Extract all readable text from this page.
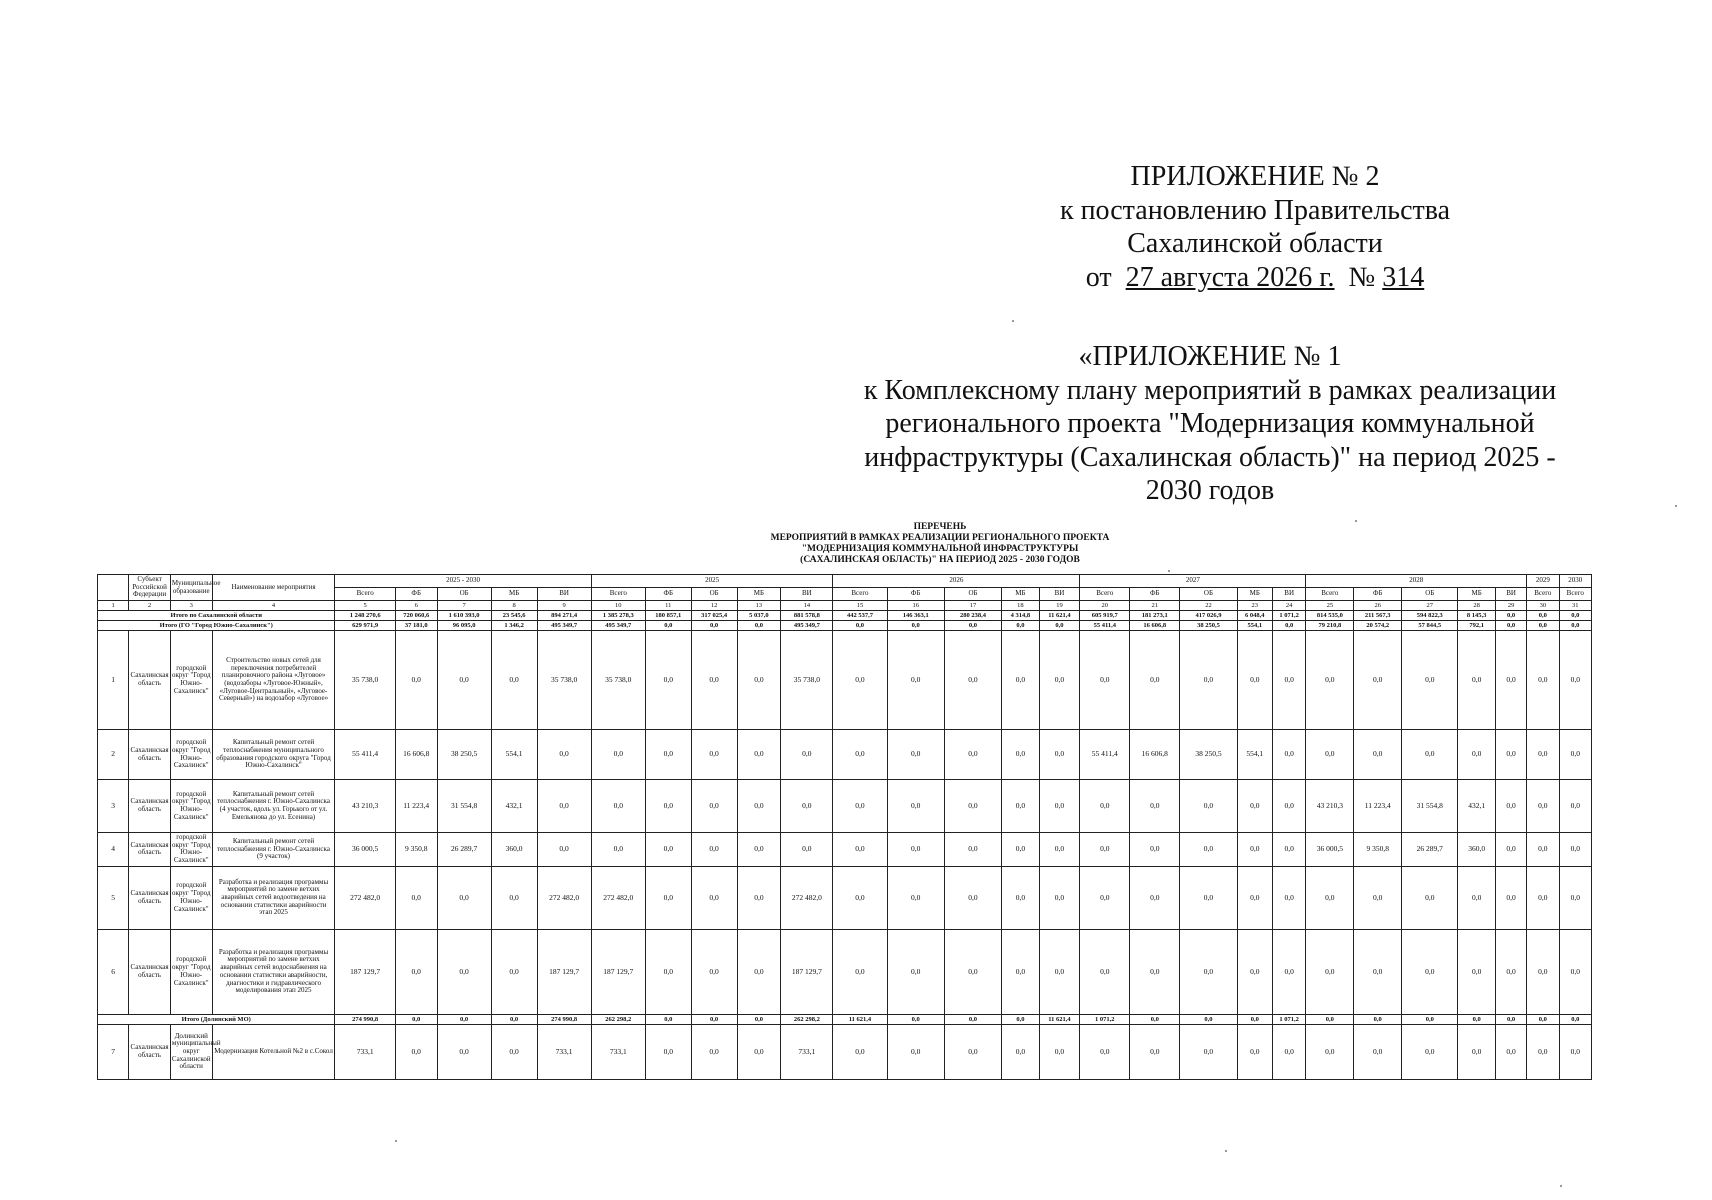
ПРИЛОЖЕНИЕ № 2
к постановлению Правительства
Сахалинской области
от 27 августа 2026 г. № 314
«ПРИЛОЖЕНИЕ № 1
к Комплексному плану мероприятий в рамках реализации
регионального проекта "Модернизация коммунальной
инфраструктуры (Сахалинская область)" на период 2025 -
2030 годов
ПЕРЕЧЕНЬ
МЕРОПРИЯТИЙ В РАМКАХ РЕАЛИЗАЦИИ РЕГИОНАЛЬНОГО ПРОЕКТА
"МОДЕРНИЗАЦИЯ КОММУНАЛЬНОЙ ИНФРАСТРУКТУРЫ
(САХАЛИНСКАЯ ОБЛАСТЬ)" НА ПЕРИОД 2025 - 2030 ГОДОВ
	Субъект Российской Федерации	Муниципальное образование	Наименование мероприятия	2025 - 2030					2025					2026					2027					2028					2029	2030
				Всего	ФБ	ОБ	МБ	ВИ	Всего	ФБ	ОБ	МБ	ВИ	Всего	ФБ	ОБ	МБ	ВИ	Всего	ФБ	ОБ	МБ	ВИ	Всего	ФБ	ОБ	МБ	ВИ	Всего	Всего
1	2	3	4	5	6	7	8	9	10	11	12	13	14	15	16	17	18	19	20	21	22	23	24	25	26	27	28	29	30	31
Итого по Сахалинской области				1 248 270,6	720 060,6	1 610 393,0	23 545,6	894 271,4	1 385 278,3	180 857,1	317 025,4	5 037,0	881 578,8	442 537,7	146 363,1	280 238,4	4 314,8	11 621,4	605 919,7	181 273,1	417 026,9	6 048,4	1 071,2	814 535,0	211 567,3	594 822,3	8 145,3	0,0	0,0	0,0
Итого (ГО "Город Южно-Сахалинск")				629 971,9	37 181,0	96 095,0	1 346,2	495 349,7	495 349,7	0,0	0,0	0,0	495 349,7	0,0	0,0	0,0	0,0	0,0	55 411,4	16 606,8	38 250,5	554,1	0,0	79 210,8	20 574,2	57 844,5	792,1	0,0	0,0	0,0
1	Сахалинская область	городской округ "Город Южно-Сахалинск"	Строительство новых сетей для переключения потребителей планировочного района «Луговое» (водозаборы «Луговое-Южный», «Луговое-Центральный», «Луговое-Северный») на водозабор «Луговое»	35 738,0	0,0	0,0	0,0	35 738,0	35 738,0	0,0	0,0	0,0	35 738,0	0,0	0,0	0,0	0,0	0,0	0,0	0,0	0,0	0,0	0,0	0,0	0,0	0,0	0,0	0,0	0,0	0,0
2	Сахалинская область	городской округ "Город Южно-Сахалинск"	Капитальный ремонт сетей теплоснабжения муниципального образования городского округа "Город Южно-Сахалинск"	55 411,4	16 606,8	38 250,5	554,1	0,0	0,0	0,0	0,0	0,0	0,0	0,0	0,0	0,0	0,0	0,0	55 411,4	16 606,8	38 250,5	554,1	0,0	0,0	0,0	0,0	0,0	0,0	0,0	0,0
3	Сахалинская область	городской округ "Город Южно-Сахалинск"	Капитальный ремонт сетей теплоснабжения г. Южно-Сахалинска (4 участок, вдоль ул. Горького от ул. Емельянова до ул. Есенина)	43 210,3	11 223,4	31 554,8	432,1	0,0	0,0	0,0	0,0	0,0	0,0	0,0	0,0	0,0	0,0	0,0	0,0	0,0	0,0	0,0	0,0	43 210,3	11 223,4	31 554,8	432,1	0,0	0,0	0,0
4	Сахалинская область	городской округ "Город Южно-Сахалинск"	Капитальный ремонт сетей теплоснабжения г. Южно-Сахалинска (9 участок)	36 000,5	9 350,8	26 289,7	360,0	0,0	0,0	0,0	0,0	0,0	0,0	0,0	0,0	0,0	0,0	0,0	0,0	0,0	0,0	0,0	0,0	36 000,5	9 350,8	26 289,7	360,0	0,0	0,0	0,0
5	Сахалинская область	городской округ "Город Южно-Сахалинск"	Разработка и реализация программы мероприятий по замене ветхих аварийных сетей водоотведения на основании статистики аварийности этап 2025	272 482,0	0,0	0,0	0,0	272 482,0	272 482,0	0,0	0,0	0,0	272 482,0	0,0	0,0	0,0	0,0	0,0	0,0	0,0	0,0	0,0	0,0	0,0	0,0	0,0	0,0	0,0	0,0	0,0
6	Сахалинская область	городской округ "Город Южно-Сахалинск"	Разработка и реализация программы мероприятий по замене ветхих аварийных сетей водоснабжения на основании статистики аварийности, диагностики и гидравлического моделирования этап 2025	187 129,7	0,0	0,0	0,0	187 129,7	187 129,7	0,0	0,0	0,0	187 129,7	0,0	0,0	0,0	0,0	0,0	0,0	0,0	0,0	0,0	0,0	0,0	0,0	0,0	0,0	0,0	0,0	0,0
Итого (Долинский МО)				274 990,8	0,0	0,0	0,0	274 990,8	262 298,2	0,0	0,0	0,0	262 298,2	11 621,4	0,0	0,0	0,0	11 621,4	1 071,2	0,0	0,0	0,0	1 071,2	0,0	0,0	0,0	0,0	0,0	0,0	0,0
7	Сахалинская область	Долинский муниципальный округ Сахалинской области	Модернизация Котельной №2 в с.Сокол	733,1	0,0	0,0	0,0	733,1	733,1	0,0	0,0	0,0	733,1	0,0	0,0	0,0	0,0	0,0	0,0	0,0	0,0	0,0	0,0	0,0	0,0	0,0	0,0	0,0	0,0	0,0
